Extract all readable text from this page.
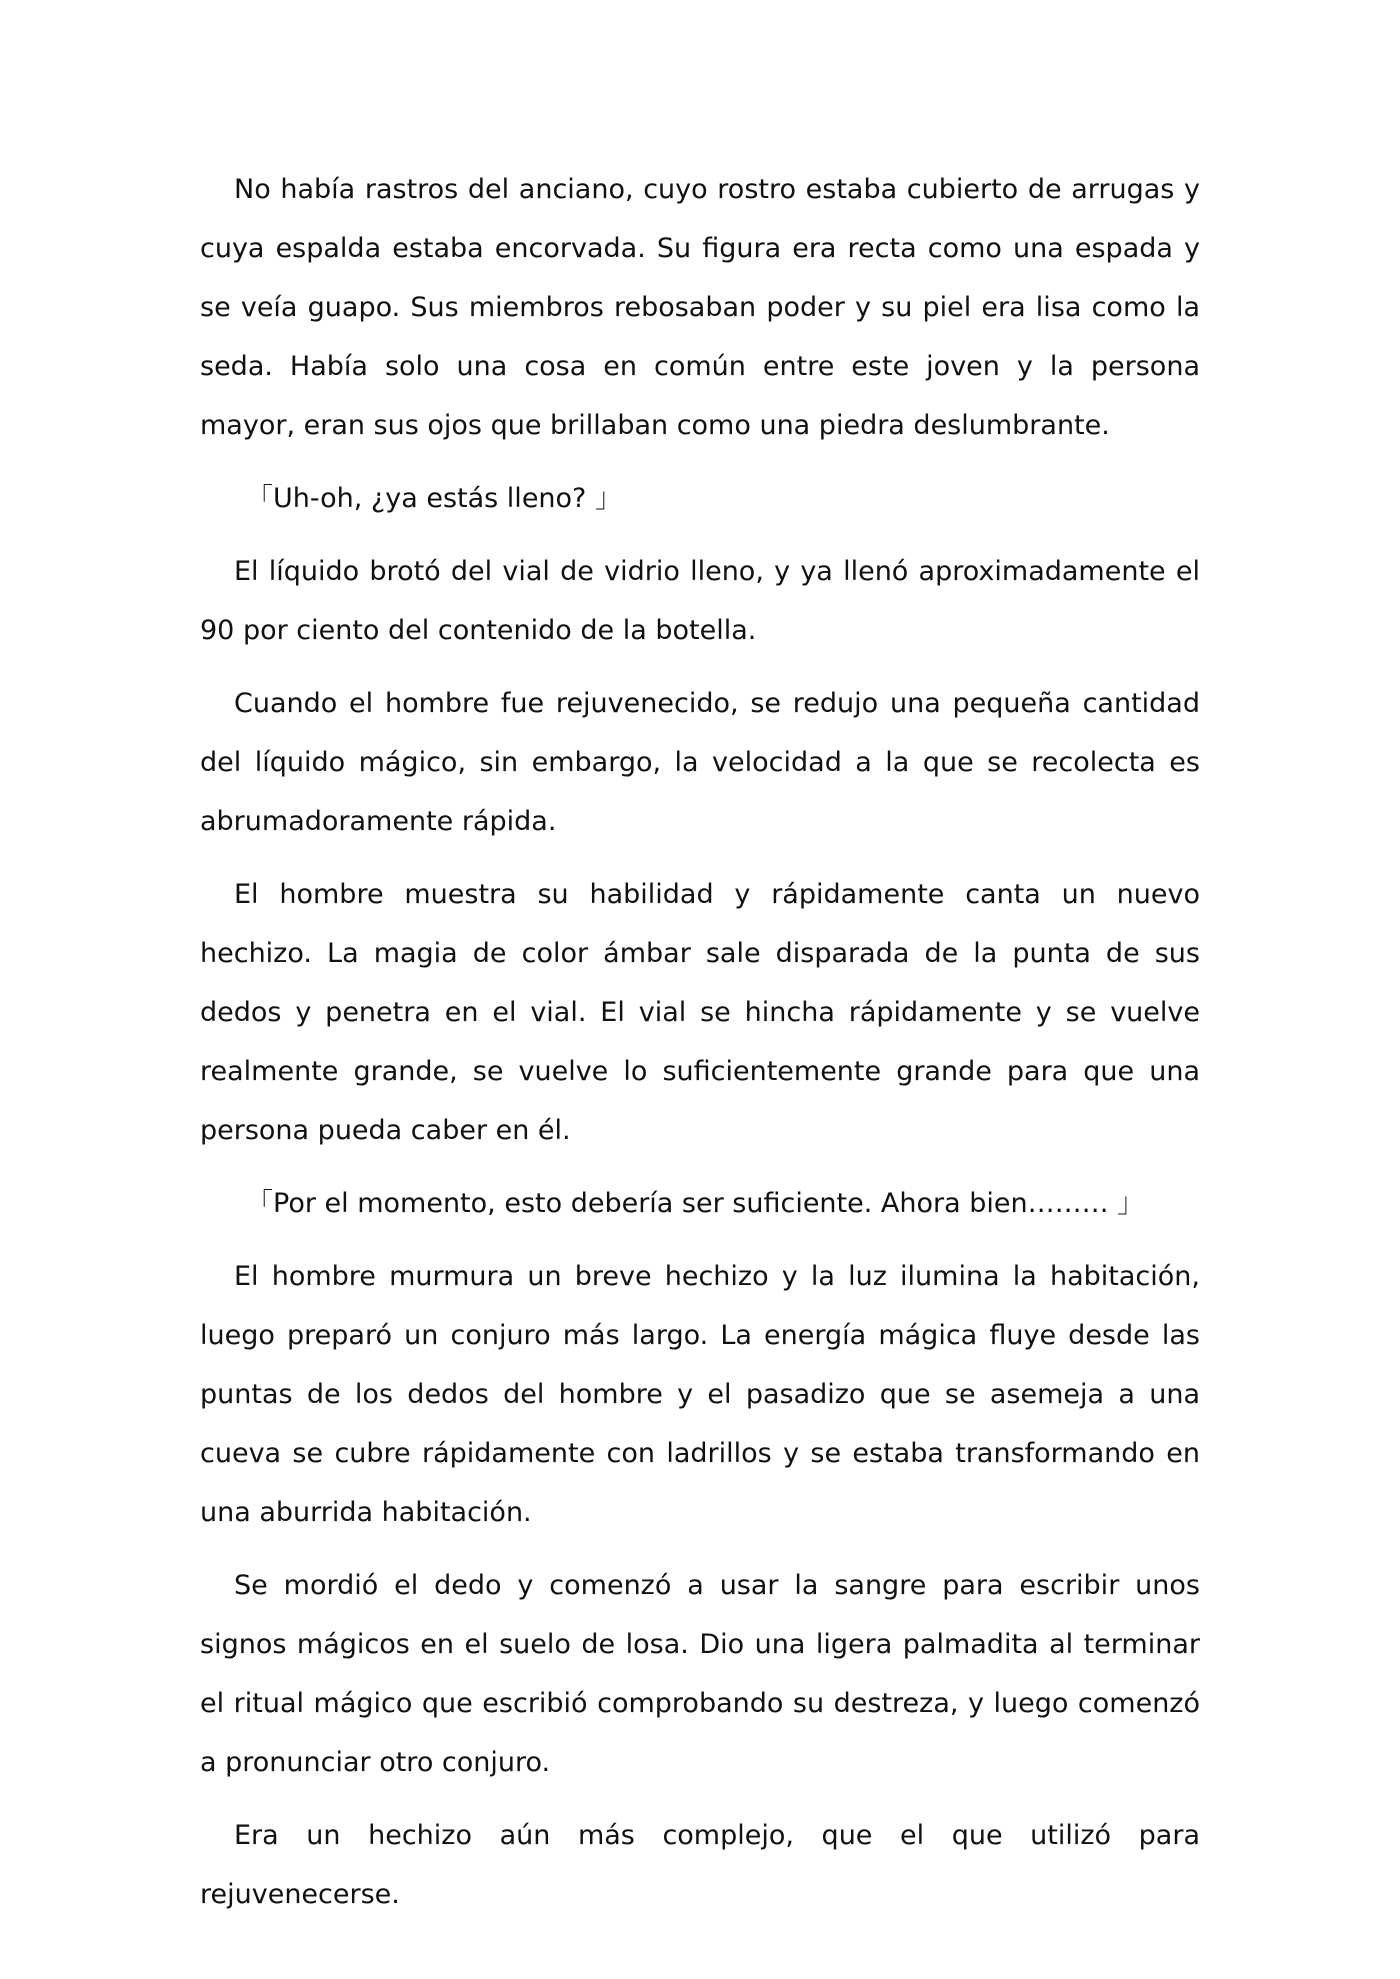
No había rastros del anciano, cuyo rostro estaba cubierto de arrugas y cuya espalda estaba encorvada. Su figura era recta como una espada y se veía guapo. Sus miembros rebosaban poder y su piel era lisa como la seda. Había solo una cosa en común entre este joven y la persona mayor, eran sus ojos que brillaban como una piedra deslumbrante.

「Uh-oh, ¿ya estás lleno? 」

El líquido brotó del vial de vidrio lleno, y ya llenó aproximadamente el 90 por ciento del contenido de la botella.

Cuando el hombre fue rejuvenecido, se redujo una pequeña cantidad del líquido mágico, sin embargo, la velocidad a la que se recolecta es abrumadoramente rápida.

El hombre muestra su habilidad y rápidamente canta un nuevo hechizo. La magia de color ámbar sale disparada de la punta de sus dedos y penetra en el vial. El vial se hincha rápidamente y se vuelve realmente grande, se vuelve lo suficientemente grande para que una persona pueda caber en él.

「Por el momento, esto debería ser suficiente. Ahora bien……… 」

El hombre murmura un breve hechizo y la luz ilumina la habitación, luego preparó un conjuro más largo. La energía mágica fluye desde las puntas de los dedos del hombre y el pasadizo que se asemeja a una cueva se cubre rápidamente con ladrillos y se estaba transformando en una aburrida habitación.

Se mordió el dedo y comenzó a usar la sangre para escribir unos signos mágicos en el suelo de losa. Dio una ligera palmadita al terminar el ritual mágico que escribió comprobando su destreza, y luego comenzó a pronunciar otro conjuro.

Era un hechizo aún más complejo, que el que utilizó para rejuvenecerse.
